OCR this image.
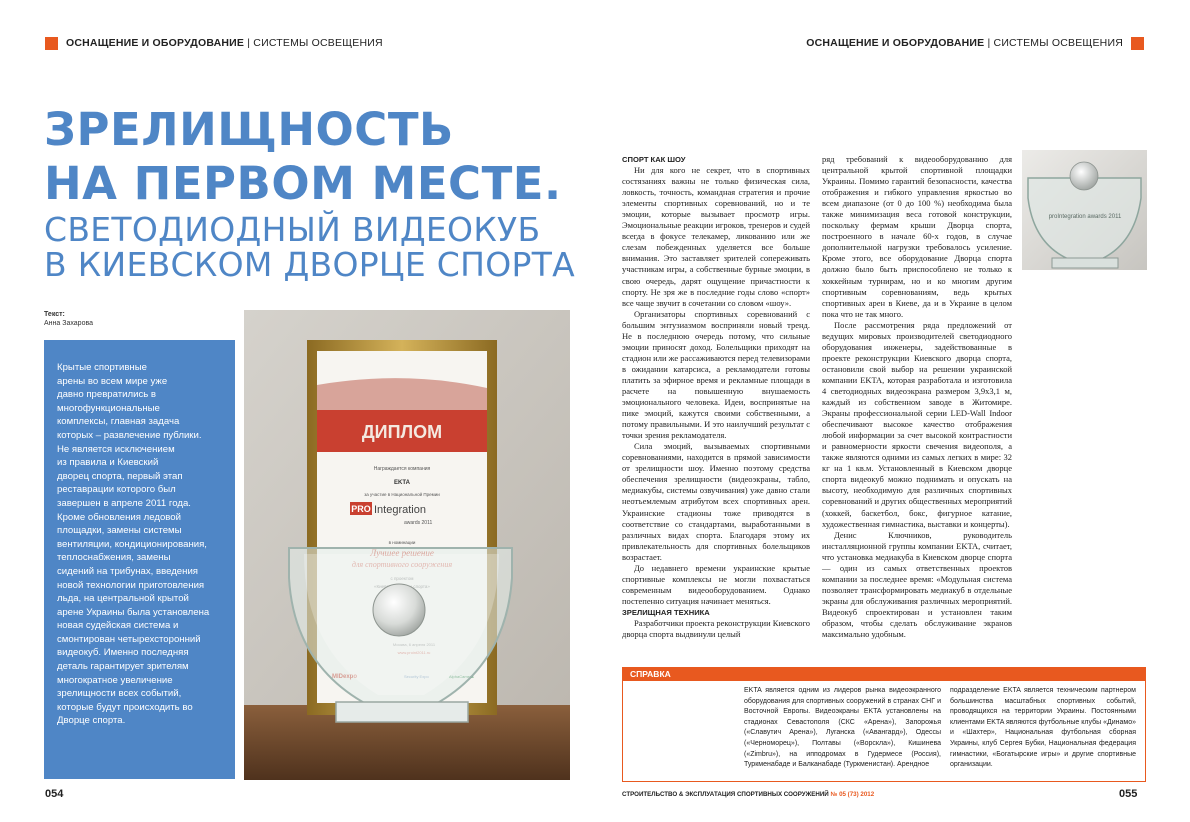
ОСНАЩЕНИЕ И ОБОРУДОВАНИЕ | СИСТЕМЫ ОСВЕЩЕНИЯ
ЗРЕЛИЩНОСТЬ
НА ПЕРВОМ МЕСТЕ.
СВЕТОДИОДНЫЙ ВИДЕОКУБ
В КИЕВСКОМ ДВОРЦЕ СПОРТА
Текст:
Анна Захарова

Крытые спортивные

арены во всем мире уже

давно превратились в

многофункциональные

комплексы, главная задача

которых – развлечение публики.

Не является исключением

из правила и Киевский

дворец спорта, первый этап

реставрации которого был

завершен в апреле 2011 года.

Кроме обновления ледовой

площадки, замены системы

вентиляции, кондиционирования,

теплоснабжения, замены

сидений на трибунах, введения

новой технологии приготовления

льда, на центральной крытой

арене Украины была установлена

новая судейская система и

смонтирован четырехсторонний

видеокуб. Именно последняя

деталь гарантирует зрителям

многократное увеличение

зрелищности всех событий,

которые будут происходить во

Дворце спорта.

ДИПЛОМ
Награждается компания
EKTA
за участие в Национальной Премии
PRO Integration
awards 2011
в номинации
054
ОСНАЩЕНИЕ И ОБОРУДОВАНИЕ | СИСТЕМЫ ОСВЕЩЕНИЯ
proIntegration awards 2011

СПОРТ КАК ШОУ

Ни для кого не секрет, что в спортивных состязаниях важны не только физическая сила, ловкость, точность, командная стратегия и прочие элементы спортивных соревнований, но и те эмоции, которые вызывает просмотр игры. Эмоциональные реакции игроков, тренеров и судей всегда в фокусе телекамер, ликованию или же слезам побежденных уделяется все больше внимания. Это заставляет зрителей сопереживать участникам игры, а собственные бурные эмоции, в свою очередь, дарят ощущение причастности к спорту. Не зря же в последние годы слово «спорт» все чаще звучит в сочетании со словом «шоу».

Организаторы спортивных соревнований с большим энтузиазмом восприняли новый тренд. Не в последнюю очередь потому, что сильные эмоции приносят доход. Болельщики приходят на стадион или же рассаживаются перед телевизорами в ожидании катарсиса, а рекламодатели готовы платить за эфирное время и рекламные площади в расчете на повышенную внушаемость эмоционального человека. Идеи, воспринятые на пике эмоций, кажутся своими собственными, а потому правильными. И это наилучший результат с точки зрения рекламодателя.

Сила эмоций, вызываемых спортивными соревнованиями, находится в прямой зависимости от зрелищности шоу. Именно поэтому средства обеспечения зрелищности (видеоэкраны, табло, медиакубы, системы озвучивания) уже давно стали неотъемлемым атрибутом всех спортивных арен. Украинские стадионы тоже приводятся в соответствие со стандартами, выработанными в различных видах спорта. Благодаря этому их привлекательность для спортивных болельщиков возрастает.

До недавнего времени украинские крытые спортивные комплексы не могли похвастаться современным видеооборудованием. Однако постепенно ситуация начинает меняться.

ЗРЕЛИЩНАЯ ТЕХНИКА

Разработчики проекта реконструкции Киевского дворца спорта выдвинули целый

ряд требований к видеооборудованию для центральной крытой спортивной площадки Украины. Помимо гарантий безопасности, качества отображения и гибкого управления яркостью во всем диапазоне (от 0 до 100 %) необходима была также минимизация веса готовой конструкции, поскольку фермам крыши Дворца спорта, построенного в начале 60-х годов, в случае дополнительной нагрузки требовалось усиление. Кроме этого, все оборудование Дворца спорта должно было быть приспособлено не только к хоккейным турнирам, но и ко многим другим спортивным соревнованиям, ведь крытых спортивных арен в Киеве, да и в Украине в целом пока что не так много.

После рассмотрения ряда предложений от ведущих мировых производителей светодиодного оборудования инженеры, задействованные в проекте реконструкции Киевского дворца спорта, остановили свой выбор на решении украинской компании EKTA, которая разработала и изготовила 4 светодиодных видеоэкрана размером 3,9х3,1 м, каждый из собственном заводе в Житомире. Экраны профессиональной серии LED-Wall Indoor обеспечивают высокое качество отображения любой информации за счет высокой контрастности и равномерности яркости свечения видеополя, а также являются одними из самых легких в мире: 32 кг на 1 кв.м. Установленный в Киевском дворце спорта видеокуб можно поднимать и опускать на высоту, необходимую для различных спортивных соревнований и других общественных мероприятий (хоккей, баскетбол, бокс, фигурное катание, художественная гимнастика, выставки и концерты).

Денис Ключников, руководитель инсталляционной группы компании EKTA, считает, что установка медиакуба в Киевском дворце спорта — один из самых ответственных проектов компании за последнее время: «Модульная система позволяет трансформировать медиакуб в отдельные экраны для обслуживания различных мероприятий. Видеокуб спроектирован и установлен таким образом, чтобы сделать обслуживание экранов максимально удобным.

СПРАВКА
EKTA является одним из лидеров рынка видеоэкранного оборудования для спортивных сооружений в странах СНГ и Восточной Европы. Видеоэкраны EKTA установлены на стадионах Севастополя (СКС «Арена»), Запорожья («Славутич Арена»), Луганска («Авангард»), Одессы («Черноморец»), Полтавы («Ворскла»), Кишинева («Zimbru»), на ипподромах в Гудермесе (Россия), Туркменабаде и Балканабаде (Туркменистан). Арендное
подразделение EKTA является техническим партнером большинства масштабных спортивных событий, проводящихся на территории Украины. Постоянными клиентами EKTA являются футбольные клубы «Динамо» и «Шахтер», Национальная футбольная сборная Украины, клуб Сергея Бубки, Национальная федерация гимнастики, «Богатырские игры» и другие спортивные организации.
СТРОИТЕЛЬСТВО & ЭКСПЛУАТАЦИЯ СПОРТИВНЫХ СООРУЖЕНИЙ № 05 (73) 2012	055
